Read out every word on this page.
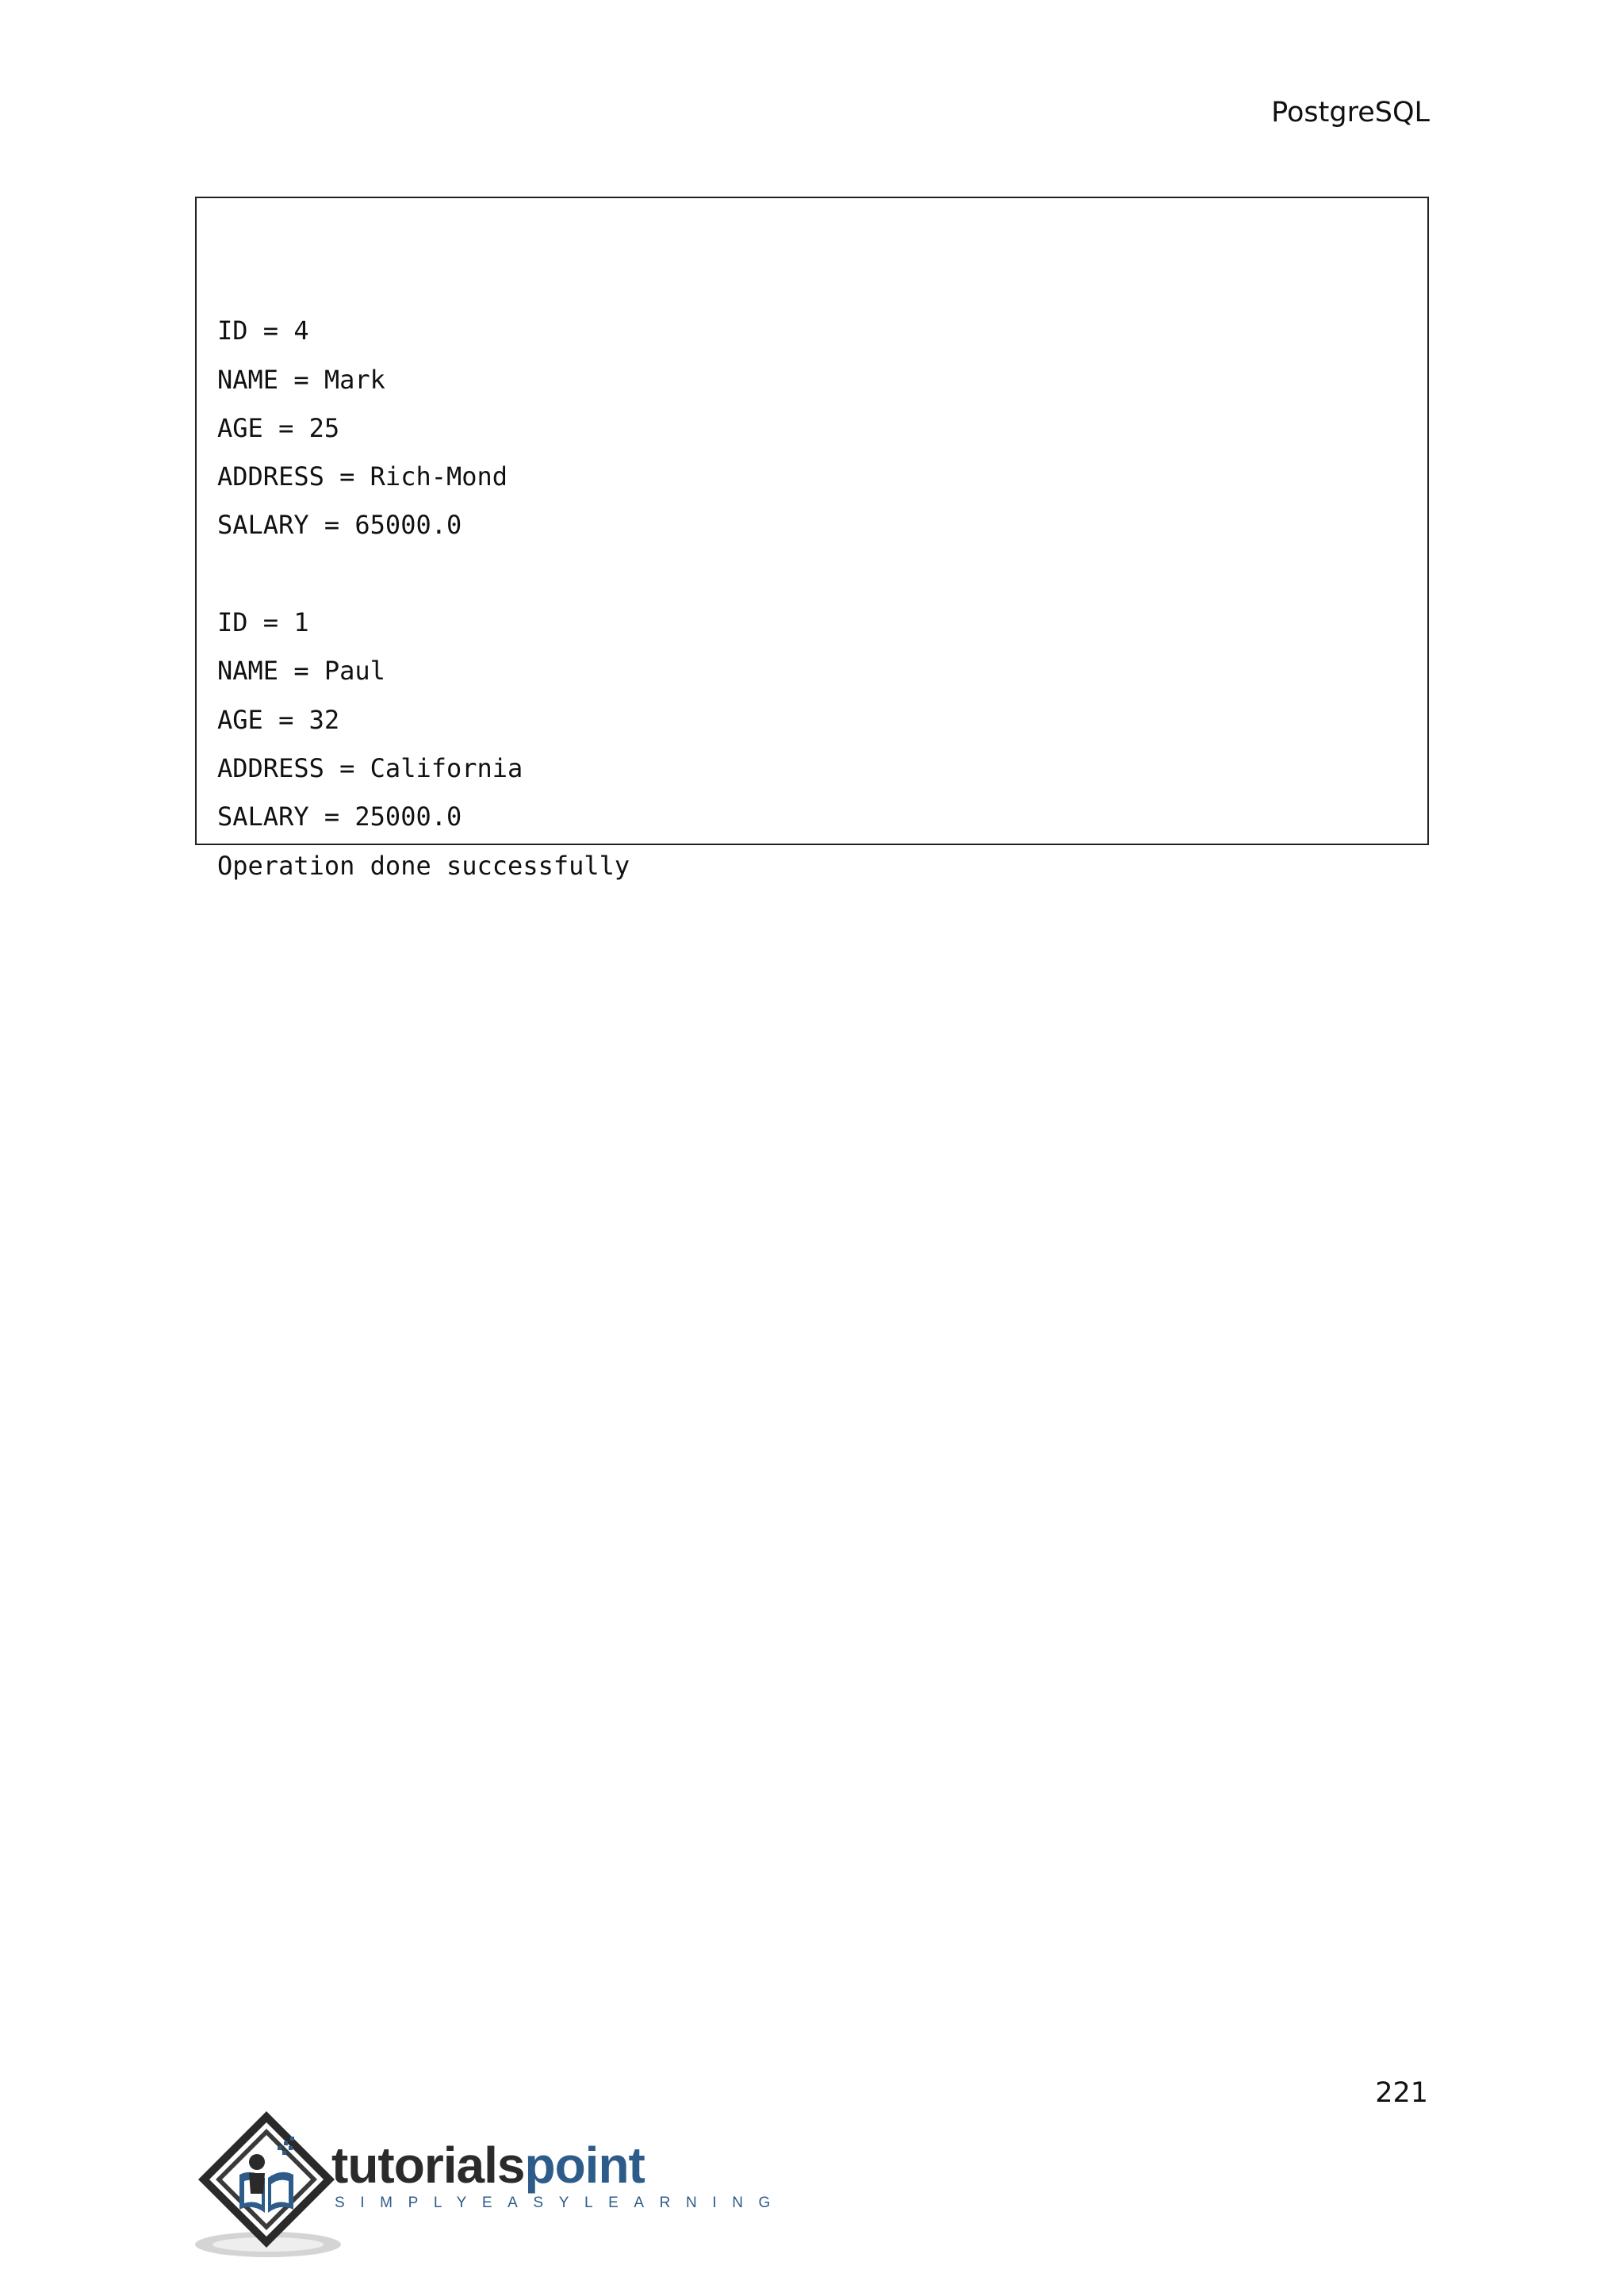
PostgreSQL
ID = 4
NAME = Mark
AGE = 25
ADDRESS = Rich-Mond
SALARY = 65000.0
ID = 1
NAME = Paul
AGE = 32
ADDRESS = California
SALARY = 25000.0
Operation done successfully
221
tutorialspoint
SIMPLYEASYLEARNING
